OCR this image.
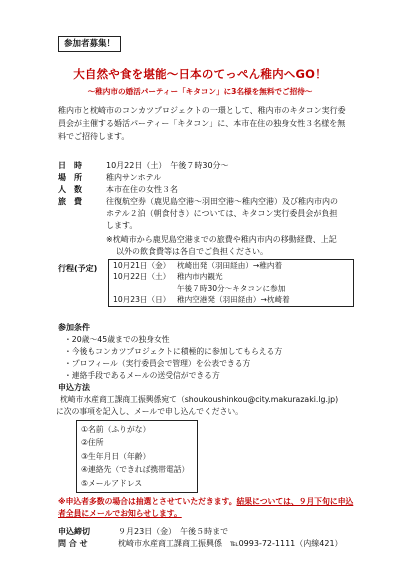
参加者募集！
大自然や食を堪能～日本のてっぺん稚内へGO！
～稚内市の婚活パーティー「キタコン」に3名様を無料でご招待～
稚内市と枕崎市のコンカツプロジェクトの一環として、稚内市のキタコン実行委員会が主催する婚活パーティー「キタコン」に、本市在住の独身女性３名様を無料でご招待します。
日　時	10月22日（土）　午後７時30分～
場　所	稚内サンホテル
人　数	本市在住の女性３名
旅　費	往復航空券（鹿児島空港～羽田空港～稚内空港）及び稚内市内の
ホテル２泊（朝食付き）については、キタコン実行委員会が負担
します。
※枕崎市から鹿児島空港までの旅費や稚内市内の移動経費、上記
以外の飲食費等は各自でご負担ください。
行程(予定) 10月21日（金） 枕崎出発（羽田経由）→稚内着
10月22日（土） 稚内市内観光
午後７時30分～キタコンに参加
10月23日（日） 稚内空港発（羽田経由）→枕崎着
参加条件
・20歳～45歳までの独身女性
・今後もコンカツプロジェクトに積極的に参加してもらえる方
・プロフィール（実行委員会で管理）を公表できる方
・連絡手段であるメールの送受信ができる方
申込方法
枕崎市水産商工課商工振興係宛て（shoukoushinkou@city.makurazaki.lg.jp)
に次の事項を記入し、メールで申し込んでください。
①名前（ふりがな）
②住所
③生年月日（年齢）
④連絡先（できれば携帯電話）
⑤メールアドレス
※申込者多数の場合は抽選とさせていただきます。結果については、９月下旬に申込者全員にメールでお知らせします。
申込締切	９月23日（金）　午後５時まで
問 合 せ	枕崎市水産商工課商工振興係　℡0993-72-1111（内線421）
